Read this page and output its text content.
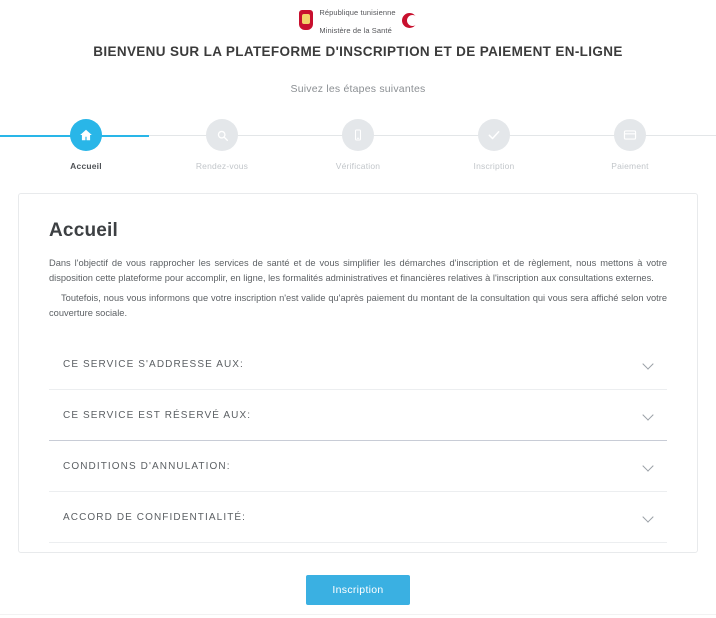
République tunisienne
Ministère de la Santé
BIENVENU SUR LA PLATEFORME D'INSCRIPTION ET DE PAIEMENT EN-LIGNE
Suivez les étapes suivantes
Accueil	Rendez-vous	Vérification	Inscription	Paiement
Accueil

Dans l'objectif de vous rapprocher les services de santé et de vous simplifier les démarches d'inscription et de règlement, nous mettons à votre disposition cette plateforme pour accomplir, en ligne, les formalités administratives et financières relatives à l'inscription aux consultations externes.

Toutefois, nous vous informons que votre inscription n'est valide qu'après paiement du montant de la consultation qui vous sera affiché selon votre couverture sociale.

CE SERVICE S'ADDRESSE AUX:
CE SERVICE EST RÉSERVÉ AUX:
CONDITIONS D'ANNULATION:
ACCORD DE CONFIDENTIALITÉ:
Inscription
